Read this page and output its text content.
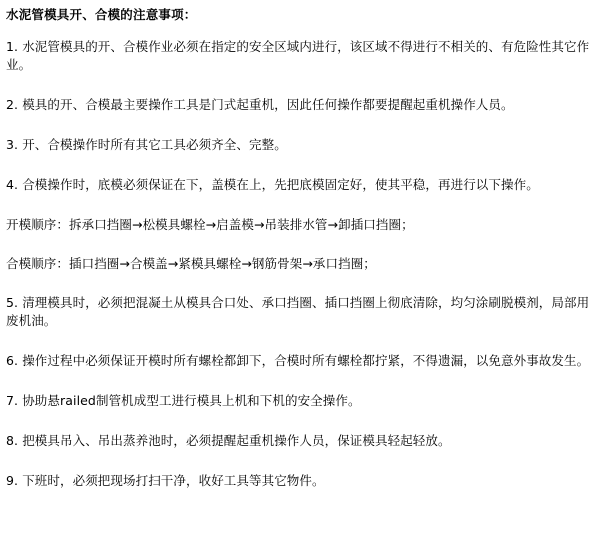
水泥管模具开、合模的注意事项：

1. 水泥管模具的开、合模作业必须在指定的安全区域内进行，该区域不得进行不相关的、有危险性其它作业。

2. 模具的开、合模最主要操作工具是门式起重机，因此任何操作都要提醒起重机操作人员。

3. 开、合模操作时所有其它工具必须齐全、完整。

4. 合模操作时，底模必须保证在下，盖模在上，先把底模固定好，使其平稳，再进行以下操作。

开模顺序：拆承口挡圈→松模具螺栓→启盖模→吊装排水管→卸插口挡圈；

合模顺序：插口挡圈→合模盖→紧模具螺栓→钢筋骨架→承口挡圈；

5. 清理模具时，必须把混凝土从模具合口处、承口挡圈、插口挡圈上彻底清除，均匀涂刷脱模剂，局部用废机油。

6. 操作过程中必须保证开模时所有螺栓都卸下，合模时所有螺栓都拧紧，不得遗漏，以免意外事故发生。

7. 协助悬railed制管机成型工进行模具上机和下机的安全操作。

8. 把模具吊入、吊出蒸养池时，必须提醒起重机操作人员，保证模具轻起轻放。

9. 下班时，必须把现场打扫干净，收好工具等其它物件。
